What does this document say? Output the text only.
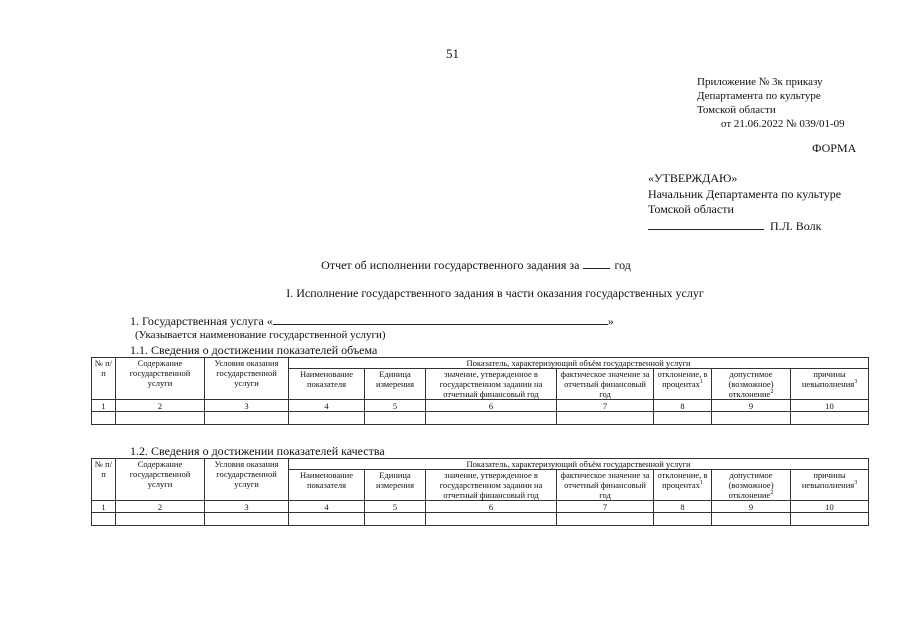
51
Приложение № 3к приказу
Департамента по культуре
Томской области
от 21.06.2022 № 039/01-09
ФОРМА
«УТВЕРЖДАЮ»
Начальник Департамента по культуре
Томской области
П.Л. Волк
Отчет об исполнении государственного задания за	год
I. Исполнение государственного задания в части оказания государственных услуг
1. Государственная услуга «	»
(Указывается наименование государственной услуги)
1.1. Сведения о достижении показателей объема
№ п/п	Содержание государственной услуги	Условия оказания государственной услуги	Показатель, характеризующий объём государственной услуги						
			Наименование показателя	Единица измерения	значение, утвержденное в государственном задании на отчетный финансовый год	фактическое значение за отчетный финансовый год	отклонение, в процентах$^1$	допустимое (возможное) отклонение$^2$	причины невыполнения$^3$
1	2	3	4	5	6	7	8	9	10

1.2. Сведения о достижении показателей качества
№ п/п	Содержание государственной услуги	Условия оказания государственной услуги	Показатель, характеризующий объём государственной услуги						
			Наименование показателя	Единица измерения	значение, утвержденное в государственном задании на отчетный финансовый год	фактическое значение за отчетный финансовый год	отклонение, в процентах$^1$	допустимое (возможное) отклонение$^2$	причины невыполнения$^3$
1	2	3	4	5	6	7	8	9	10
